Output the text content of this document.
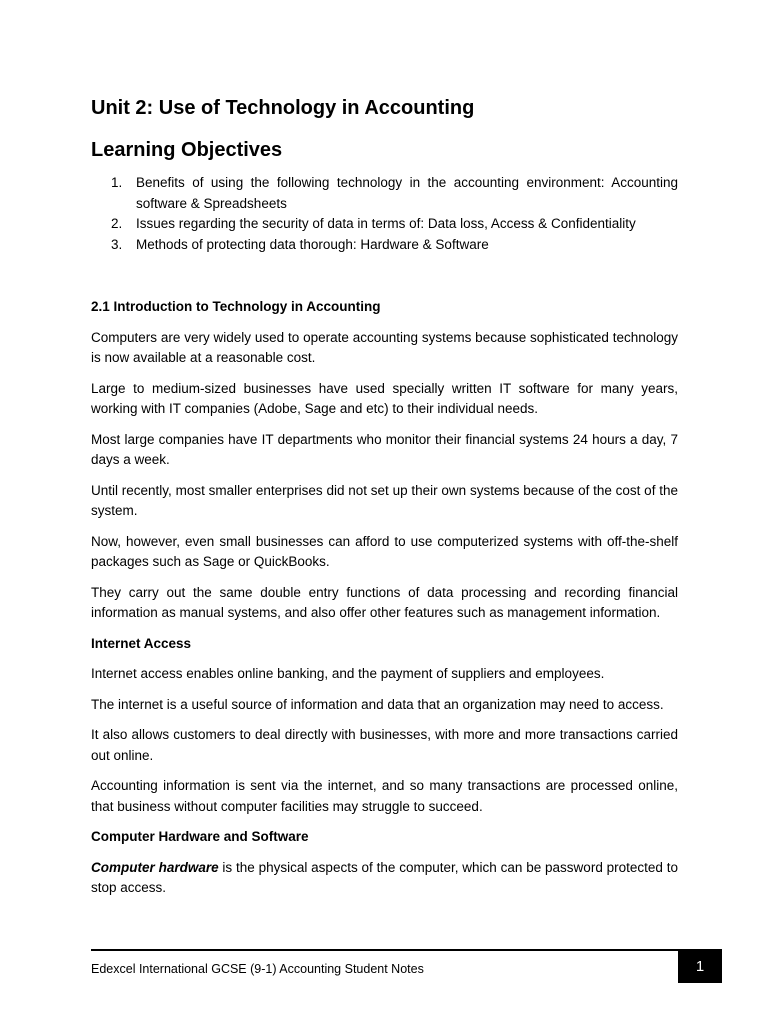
Unit 2: Use of Technology in Accounting
Learning Objectives
1. Benefits of using the following technology in the accounting environment: Accounting software & Spreadsheets
2. Issues regarding the security of data in terms of: Data loss, Access & Confidentiality
3. Methods of protecting data thorough: Hardware & Software
2.1 Introduction to Technology in Accounting

Computers are very widely used to operate accounting systems because sophisticated technology is now available at a reasonable cost.

Large to medium-sized businesses have used specially written IT software for many years, working with IT companies (Adobe, Sage and etc) to their individual needs.

Most large companies have IT departments who monitor their financial systems 24 hours a day, 7 days a week.

Until recently, most smaller enterprises did not set up their own systems because of the cost of the system.

Now, however, even small businesses can afford to use computerized systems with off-the-shelf packages such as Sage or QuickBooks.

They carry out the same double entry functions of data processing and recording financial information as manual systems, and also offer other features such as management information.

Internet Access

Internet access enables online banking, and the payment of suppliers and employees.

The internet is a useful source of information and data that an organization may need to access.

It also allows customers to deal directly with businesses, with more and more transactions carried out online.

Accounting information is sent via the internet, and so many transactions are processed online, that business without computer facilities may struggle to succeed.

Computer Hardware and Software

Computer hardware is the physical aspects of the computer, which can be password protected to stop access.

Edexcel International GCSE (9-1) Accounting Student Notes	1
